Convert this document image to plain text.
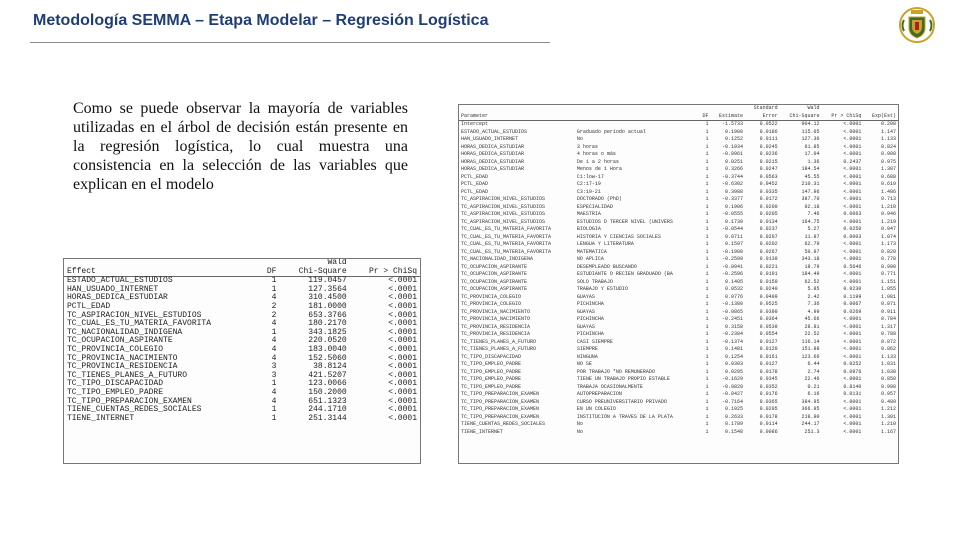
Metodología SEMMA – Etapa Modelar – Regresión Logística
Como se puede observar la mayoría de variables utilizadas en el árbol de decisión están presente en la regresión logística, lo cual muestra una consistencia en la selección de las variables que explican en el modelo
		Wald	
Effect	DF	Chi-Square	Pr > ChiSq
ESTADO_ACTUAL_ESTUDIOS	1	119.0457	<.0001
HAN_USUADO_INTERNET	1	127.3564	<.0001
HORAS_DEDICA_ESTUDIAR	4	310.4500	<.0001
PCTL_EDAD	2	181.0000	<.0001
TC_ASPIRACION_NIVEL_ESTUDIOS	2	653.3766	<.0001
TC_CUAL_ES_TU_MATERIA_FAVORITA	4	180.2170	<.0001
TC_NACIONALIDAD_INDIGENA	1	343.1825	<.0001
TC_OCUPACION_ASPIRANTE	4	220.0520	<.0001
TC_PROVINCIA_COLEGIO	4	183.0040	<.0001
TC_PROVINCIA_NACIMIENTO	4	152.5060	<.0001
TC_PROVINCIA_RESIDENCIA	3	38.8124	<.0001
TC_TIENES_PLANES_A_FUTURO	3	421.5207	<.0001
TC_TIPO_DISCAPACIDAD	1	123.0066	<.0001
TC_TIPO_EMPLEO_PADRE	4	150.2000	<.0001
TC_TIPO_PREPARACION_EXAMEN	4	651.1323	<.0001
TIENE_CUENTAS_REDES_SOCIALES	1	244.1710	<.0001
TIENE_INTERNET	1	251.3144	<.0001
				Standard	Wald		
Parameter		DF	Estimate	Error	Chi-Square	Pr > ChiSq	Exp(Est)
Intercept		1	-1.5733	0.0522	904.12	<.0001	0.208
ESTADO_ACTUAL_ESTUDIOS	Graduado período actual	1	0.1908	0.0186	115.05	<.0001	1.147
HAN_USUADO_INTERNET	No	1	0.1252	0.0111	127.36	<.0001	1.133
HORAS_DEDICA_ESTUDIAR	3 horas	1	-0.1934	0.0245	61.85	<.0001	0.824
HORAS_DEDICA_ESTUDIAR	4 horas o más	1	-0.0961	0.0236	17.04	<.0001	0.908
HORAS_DEDICA_ESTUDIAR	De 1 a 2 horas	1	0.0251	0.0215	1.36	0.2437	0.975
HORAS_DEDICA_ESTUDIAR	Menos de 1 Hora	1	0.3266	0.0247	184.54	<.0001	1.387
PCTL_EDAD	C1:low-17	1	-0.3744	0.0563	45.55	<.0001	0.688
PCTL_EDAD	C2:17-19	1	-0.6302	0.0452	210.31	<.0001	0.610
PCTL_EDAD	C3:19-21	1	0.3988	0.0335	147.96	<.0001	1.486
TC_ASPIRACION_NIVEL_ESTUDIOS	DOCTORADO (PhD)	1	-0.3377	0.0172	387.70	<.0001	0.713
TC_ASPIRACION_NIVEL_ESTUDIOS	ESPECIALIDAD	1	0.1906	0.0200	92.18	<.0001	1.210
TC_ASPIRACION_NIVEL_ESTUDIOS	MAESTRÍA	1	-0.0555	0.0205	7.46	0.0063	0.946
TC_ASPIRACION_NIVEL_ESTUDIOS	ESTUDIOS D TERCER NIVEL (UNIVERS	1	0.1730	0.0134	164.75	<.0001	1.219
TC_CUAL_ES_TU_MATERIA_FAVORITA	BIOLOGÍA	1	-0.0544	0.0237	5.27	0.0250	0.947
TC_CUAL_ES_TU_MATERIA_FAVORITA	HISTORIA Y CIENCIAS SOCIALES	1	0.0711	0.0207	11.87	0.0003	1.074
TC_CUAL_ES_TU_MATERIA_FAVORITA	LENGUA Y LITERATURA	1	0.1597	0.0202	62.79	<.0001	1.173
TC_CUAL_ES_TU_MATERIA_FAVORITA	MATEMÁTICA	1	-0.1900	0.0267	50.97	<.0001	0.820
TC_NACIONALIDAD_INDIGENA	NO APLICA	1	-0.2599	0.0139	343.18	<.0001	0.778
TC_OCUPACION_ASPIRANTE	DESEMPLEADO BUSCANDO	1	-0.0941	0.0221	18.79	0.5646	0.998
TC_OCUPACION_ASPIRANTE	ESTUDIANTE O RECIÉN GRADUADO (BA	1	-0.2596	0.0191	184.49	<.0001	0.771
TC_OCUPACION_ASPIRANTE	SOLO TRABAJO	1	0.1405	0.0150	62.52	<.0001	1.151
TC_OCUPACION_ASPIRANTE	TRABAJO Y ESTUDIO	1	0.0532	0.0240	5.85	0.0230	1.055
TC_PROVINCIA_COLEGIO	GUAYAS	1	0.0776	0.0499	2.42	0.1199	1.081
TC_PROVINCIA_COLEGIO	PICHINCHA	1	-0.1380	0.0525	7.36	0.0067	0.871
TC_PROVINCIA_NACIMIENTO	GUAYAS	1	-0.0865	0.0390	4.99	0.0269	0.911
TC_PROVINCIA_NACIMIENTO	PICHINCHA	1	-0.2451	0.0364	45.66	<.0001	0.784
TC_PROVINCIA_RESIDENCIA	GUAYAS	1	0.3158	0.0539	28.81	<.0001	1.317
TC_PROVINCIA_RESIDENCIA	PICHINCHA	1	-0.2384	0.0554	22.52	<.0001	0.788
TC_TIENES_PLANES_A_FUTURO	CASI SIEMPRE	1	-0.1374	0.0127	116.14	<.0001	0.872
TC_TIENES_PLANES_A_FUTURO	SIEMPRE	1	0.1481	0.0120	151.88	<.0001	0.862
TC_TIPO_DISCAPACIDAD	NINGUNA	1	0.1254	0.0161	123.66	<.0001	1.133
TC_TIPO_EMPLEO_PADRE	NO SE	1	0.0303	0.0127	6.44	0.0252	1.031
TC_TIPO_EMPLEO_PADRE	POR TRABAJO *NO REMUNERADO	1	0.0295	0.0178	2.74	0.0976	1.030
TC_TIPO_EMPLEO_PADRE	TIENE UN TRABAJO PROPIO ESTABLE	1	-0.1629	0.0345	22.46	<.0001	0.850
TC_TIPO_EMPLEO_PADRE	TRABAJA OCASIONALMENTE	1	-0.0820	0.0352	0.21	0.8140	0.998
TC_TIPO_PREPARACION_EXAMEN	AUTOPREPARACIÓN	1	-0.0427	0.0176	6.16	0.0131	0.957
TC_TIPO_PREPARACION_EXAMEN	CURSO PREUNIVERSITARIO PRIVADO	1	-0.7164	0.0365	384.95	<.0001	0.489
TC_TIPO_PREPARACION_EXAMEN	EN UN COLEGIO	1	0.1925	0.0205	366.95	<.0001	1.212
TC_TIPO_PREPARACION_EXAMEN	INSTITUCIÓN A TRAVÉS DE LA PLATA	1	0.2633	0.0178	218.90	<.0001	1.301
TIENE_CUENTAS_REDES_SOCIALES	No	1	0.1789	0.0114	244.17	<.0001	1.210
TIENE_INTERNET	No	1	0.1548	0.0086	251.3	<.0001	1.167
